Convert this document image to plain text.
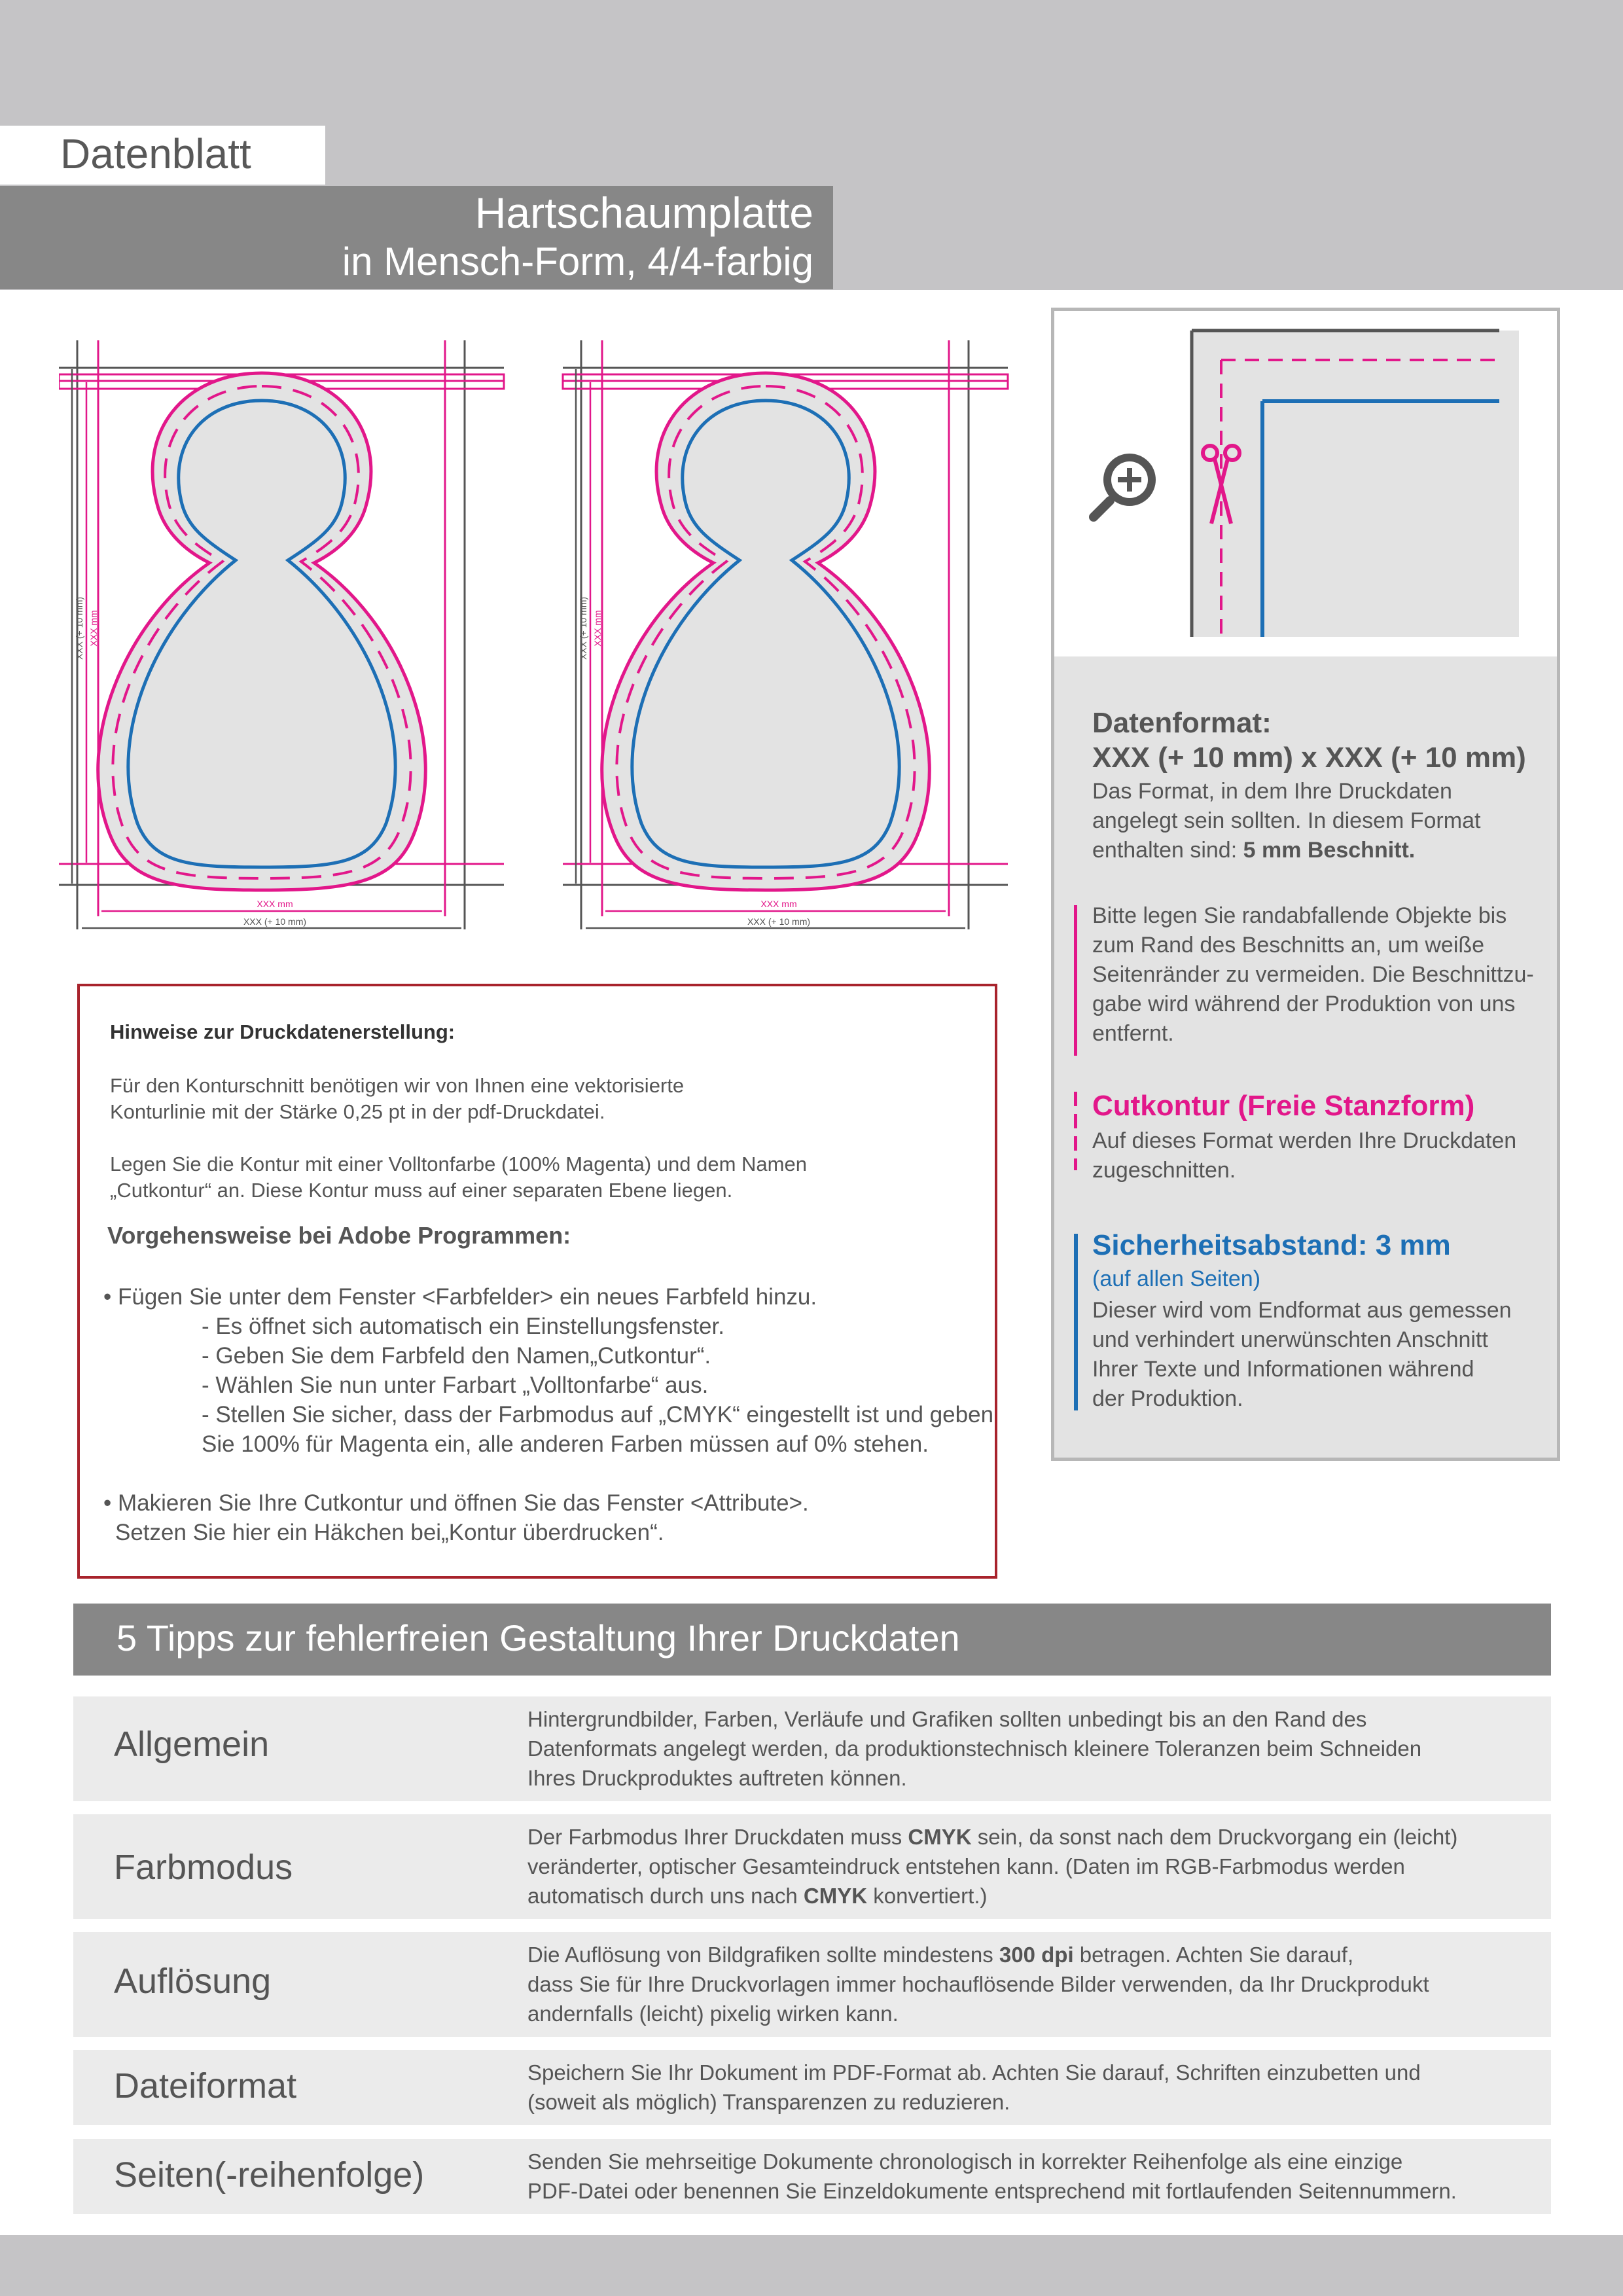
Datenblatt
Hartschaumplatte
in Mensch-Form, 4/4-farbig
XXX mm
XXX (+ 10 mm)
XXX (+ 10 mm) XXX mm
XXX mm
XXX (+ 10 mm)
XXX (+ 10 mm) XXX mm
Datenformat:
XXX (+ 10 mm) x XXX (+ 10 mm)
Das Format, in dem Ihre Druckdaten
angelegt sein sollten. In diesem Format
enthalten sind: 5 mm Beschnitt.
Bitte legen Sie randabfallende Objekte bis
zum Rand des Beschnitts an, um weiße
Seitenränder zu vermeiden. Die Beschnittzu-
gabe wird während der Produktion von uns
entfernt.
Cutkontur (Freie Stanzform)
Auf dieses Format werden Ihre Druckdaten
zugeschnitten.
Sicherheitsabstand: 3 mm
(auf allen Seiten)
Dieser wird vom Endformat aus gemessen
und verhindert unerwünschten Anschnitt
Ihrer Texte und Informationen während
der Produktion.
Hinweise zur Druckdatenerstellung:
Für den Konturschnitt benötigen wir von Ihnen eine vektorisierte
Konturlinie mit der Stärke 0,25 pt in der pdf-Druckdatei.
Legen Sie die Kontur mit einer Volltonfarbe (100% Magenta) und dem Namen
„Cutkontur“ an. Diese Kontur muss auf einer separaten Ebene liegen.
Vorgehensweise bei Adobe Programmen:
• Fügen Sie unter dem Fenster <Farbfelder> ein neues Farbfeld hinzu.
- Es öffnet sich automatisch ein Einstellungsfenster.
- Geben Sie dem Farbfeld den Namen„Cutkontur“.
- Wählen Sie nun unter Farbart „Volltonfarbe“ aus.
- Stellen Sie sicher, dass der Farbmodus auf „CMYK“ eingestellt ist und geben
Sie 100% für Magenta ein, alle anderen Farben müssen auf 0% stehen.
• Makieren Sie Ihre Cutkontur und öffnen Sie das Fenster <Attribute>.
Setzen Sie hier ein Häkchen bei„Kontur überdrucken“.
5 Tipps zur fehlerfreien Gestaltung Ihrer Druckdaten
Allgemein
Hintergrundbilder, Farben, Verläufe und Grafiken sollten unbedingt bis an den Rand des
Datenformats angelegt werden, da produktionstechnisch kleinere Toleranzen beim Schneiden
Ihres Druckproduktes auftreten können.
Farbmodus
Der Farbmodus Ihrer Druckdaten muss CMYK sein, da sonst nach dem Druckvorgang ein (leicht)
veränderter, optischer Gesamteindruck entstehen kann. (Daten im RGB-Farbmodus werden
automatisch durch uns nach CMYK konvertiert.)
Auflösung
Die Auflösung von Bildgrafiken sollte mindestens 300 dpi betragen. Achten Sie darauf,
dass Sie für Ihre Druckvorlagen immer hochauflösende Bilder verwenden, da Ihr Druckprodukt
andernfalls (leicht) pixelig wirken kann.
Dateiformat	Speichern Sie Ihr Dokument im PDF-Format ab. Achten Sie darauf, Schriften einzubetten und
(soweit als möglich) Transparenzen zu reduzieren.
Seiten(-reihenfolge)	Senden Sie mehrseitige Dokumente chronologisch in korrekter Reihenfolge als eine einzige
PDF-Datei oder benennen Sie Einzeldokumente entsprechend mit fortlaufenden Seitennummern.
